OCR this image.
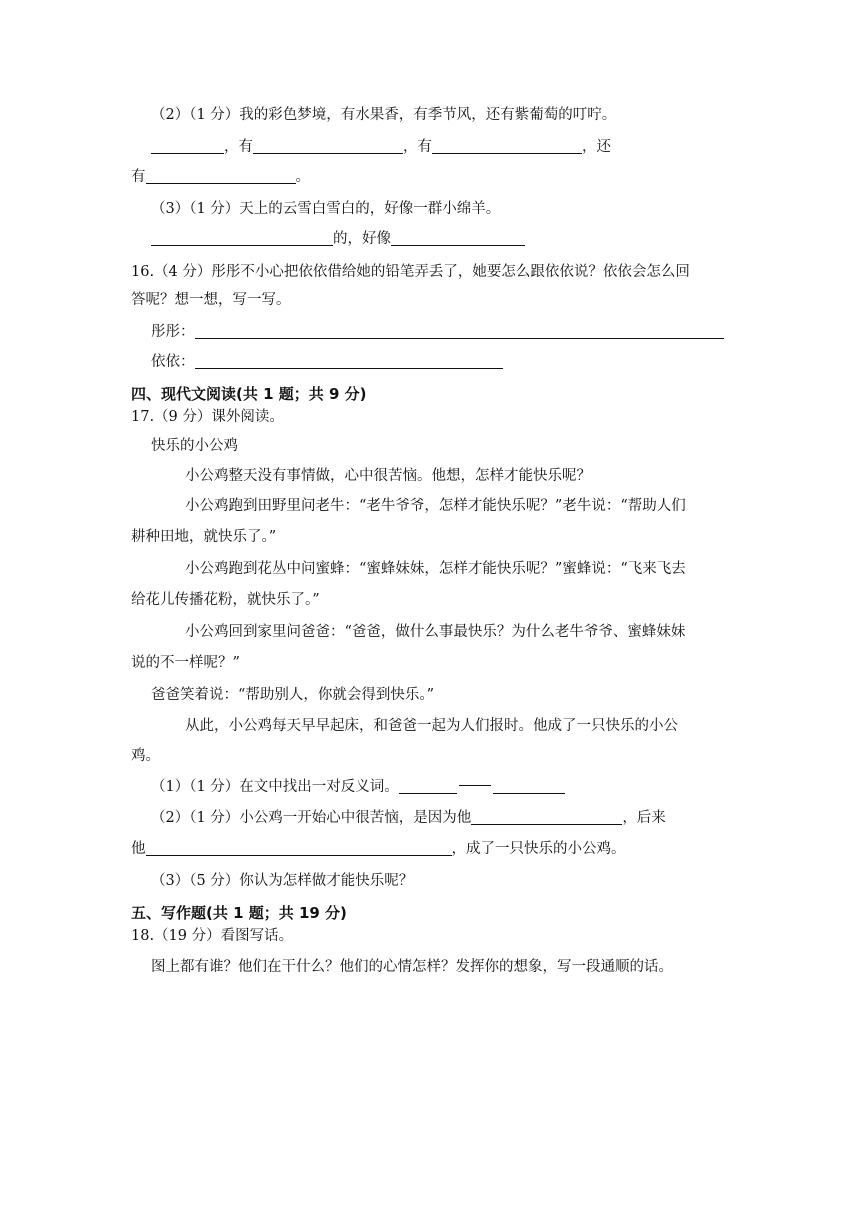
（2）（1 分）我的彩色梦境，有水果香，有季节风，还有紫葡萄的叮咛。
，有	，有	，还
有	。
（3）（1 分）天上的云雪白雪白的，好像一群小绵羊。
的，好像
16.（4 分）彤彤不小心把依依借给她的铅笔弄丢了，她要怎么跟依依说？依依会怎么回
答呢？想一想，写一写。
彤彤：
依依：
四、现代文阅读(共 1 题；共 9 分)
17.（9 分）课外阅读。
快乐的小公鸡
小公鸡整天没有事情做，心中很苦恼。他想，怎样才能快乐呢？
小公鸡跑到田野里问老牛：“老牛爷爷，怎样才能快乐呢？”老牛说：“帮助人们
耕种田地，就快乐了。”
小公鸡跑到花丛中问蜜蜂：“蜜蜂妹妹，怎样才能快乐呢？”蜜蜂说：“飞来飞去
给花儿传播花粉，就快乐了。”
小公鸡回到家里问爸爸：“爸爸，做什么事最快乐？为什么老牛爷爷、蜜蜂妹妹
说的不一样呢？”
爸爸笑着说：“帮助别人，你就会得到快乐。”
从此，小公鸡每天早早起床，和爸爸一起为人们报时。他成了一只快乐的小公
鸡。
（1）（1 分）在文中找出一对反义词。
（2）（1 分）小公鸡一开始心中很苦恼，是因为他	，后来
他	，成了一只快乐的小公鸡。
（3）（5 分）你认为怎样做才能快乐呢？
五、写作题(共 1 题；共 19 分)
18.（19 分）看图写话。
图上都有谁？他们在干什么？他们的心情怎样？发挥你的想象，写一段通顺的话。
